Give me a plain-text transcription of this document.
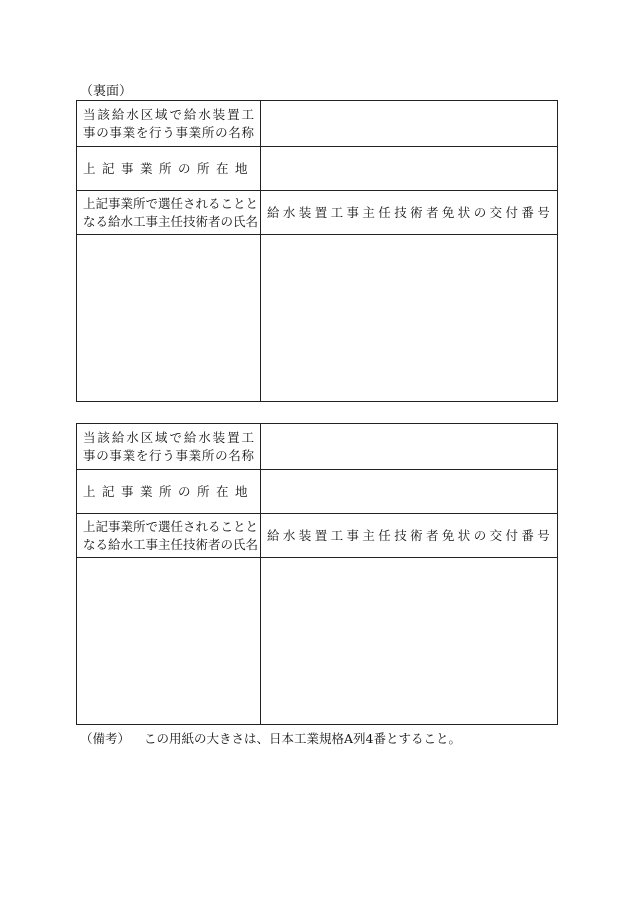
（裏面）
当該給水区域で給水装置工
事の事業を行う事業所の名称	

上記事業所の所在地	

上記事業所で選任されることと
なる給水工事主任技術者の氏名	給水装置工事主任技術者免状の交付番号

当該給水区域で給水装置工
事の事業を行う事業所の名称	

上記事業所の所在地	

上記事業所で選任されることと
なる給水工事主任技術者の氏名	給水装置工事主任技術者免状の交付番号

（備考） この用紙の大きさは、日本工業規格A列4番とすること。
